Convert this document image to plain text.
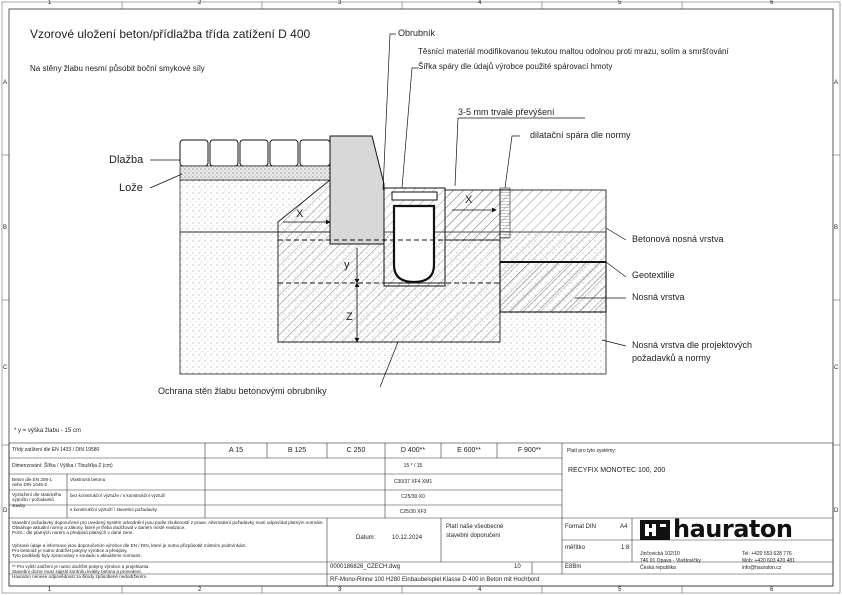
1	2	3	4	5	6
1	2	3	4	5	6
A
B
C
D
A
B
C
D
Vzorové uložení beton/přídlažba třída zatížení D 400
Na stěny žlabu nesmí působit boční smykové síly
Obrubník
Těsnící materiál modifikovanou tekutou maltou odolnou proti mrazu, solím a smršťování
Šířka spáry dle údajů výrobce použité spárovací hmoty
3-5 mm trvalé převýšení
dilatační spára dle normy
Dlažba
Lože
Betonová nosná vrstva
Geotextilie
Nosná vrstva
Nosná vrstva dle projektových
požadavků a normy
Ochrana stěn žlabu betonovými obrubníky
X
X
y
Z
* y = výška žlabu - 15 cm
Třídy zatížení dle EN 1433 / DIN 19580	A 15	B 125	C 250	D 400**	E 600**	F 900**
Dimenzování: Šířka / Výška / Tloušťka Z (cm)	15 * / 15
Beton dle EN 206-1
nebo DIN 1045-2
Vlastnosti betonu	C30/37 XF4 XM1
Vyztužení dle statického
výpočtu / požadavků stavby
bez konstrukční výztuže / s konstrukční výztuží	C25/30 X0
s konstrukční výztuží / stavební požadavky	C25/30 XF3
Platí pro tyto systémy:
RECYFIX MONOTEC 100, 200
Stavební požadavky doporučené pro uvedený systém odvodnění jsou podle zkušeností z praxe. Alternativní požadavky musí odpovídat platným normám.
Obsahuje aktuální normy a zákony, které je třeba dodržovat v daném místě realizace.
Pozn.: dle platných norem a předpisů platných v dané zemi.
Vybrané údaje a informace jsou doporučením výrobce dle EN / DIN, které je nutno přizpůsobit místním podmínkám.
Pro betonáž je nutno dodržet pokyny výrobce a předpisy.
Tyto podklady byly zpracovány v souladu s aktuálními normami.
** Pro vyšší zatížení je nutno dodržet pokyny výrobce a projektanta.
Stavební dozor musí zajistit kontrolu kvality betonu a provedení.
Hauraton nenese odpovědnost za škody způsobené nedodržením.
Datum:	10.12.2024
Platí naše všeobecné stavební doporučení
Format DIN	A4
měřítko	1:8
0000186826_CZECH.dwg	10	E8Bm
RF-Mono-Rinne 100 H280 Einbaubeispiel Klasse D 400 in Beton mit Hochbord
hauraton
Jinčovická 102/10
746 01 Opava - Vlaštovičky
Česká republika
Tel: +420 553 628 776
Mob: +420 603 420 481
info@hauraton.cz
